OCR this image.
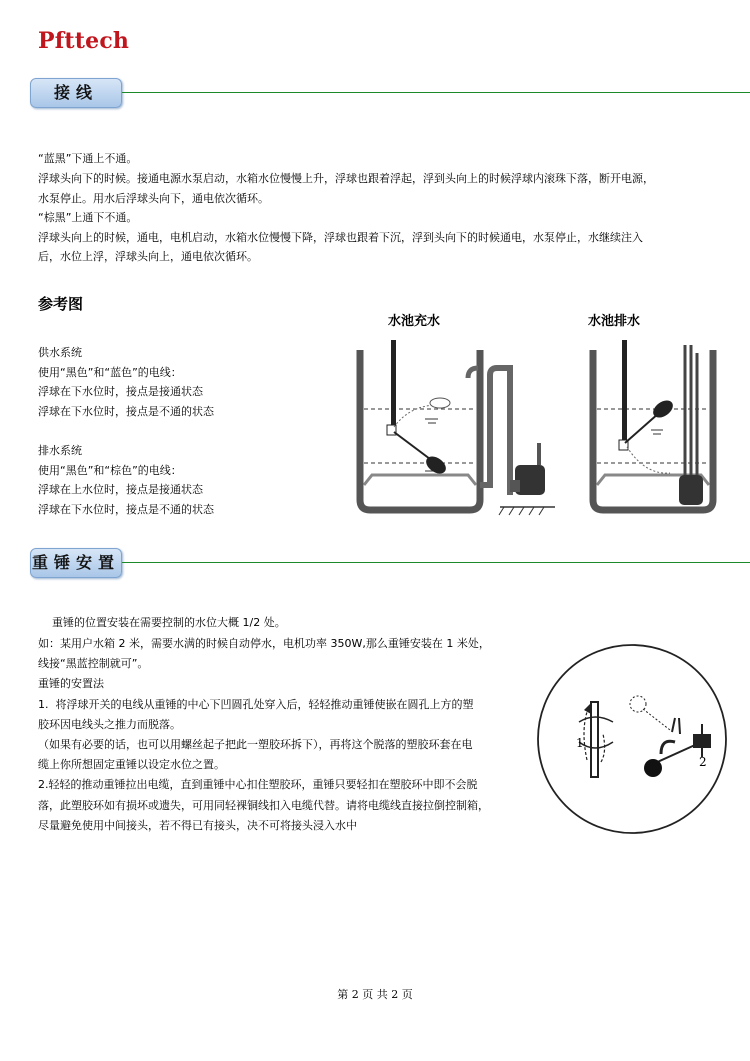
Pfttech
接线
“蓝黑”下通上不通。
浮球头向下的时候。接通电源水泵启动，水箱水位慢慢上升，浮球也跟着浮起，浮到头向上的时候浮球内滚珠下落，断开电源，
水泵停止。用水后浮球头向下，通电依次循环。
“棕黑”上通下不通。
浮球头向上的时候，通电，电机启动，水箱水位慢慢下降，浮球也跟着下沉，浮到头向下的时候通电，水泵停止，水继续注入
后，水位上浮，浮球头向上，通电依次循环。
参考图
供水系统
使用“黑色”和“蓝色”的电线：
浮球在下水位时，接点是接通状态
浮球在下水位时，接点是不通的状态
排水系统
使用“黑色”和“棕色”的电线：
浮球在上水位时，接点是接通状态
浮球在下水位时，接点是不通的状态
水池充水	水池排水
重锤安置
重锤的位置安装在需要控制的水位大概 1/2 处。
如：某用户水箱 2 米，需要水满的时候自动停水，电机功率 350W,那么重锤安装在 1 米处，
线接“黑蓝控制就可”。
重锤的安置法
1.  将浮球开关的电线从重锤的中心下凹圆孔处穿入后，轻轻推动重锤使嵌在圆孔上方的塑
胶环因电线头之推力而脱落。
（如果有必要的话，也可以用螺丝起子把此一塑胶环拆下），再将这个脱落的塑胶环套在电
缆上你所想固定重锤以设定水位之置。
2.轻轻的推动重锤拉出电缆，直到重锤中心扣住塑胶环，重锤只要轻扣在塑胶环中即不会脱
落，此塑胶环如有损坏或遗失，可用同轻裸铜线扣入电缆代替。请将电缆线直接拉倒控制箱，
尽量避免使用中间接头，若不得已有接头，决不可将接头浸入水中
1
2
第 2 页 共 2 页
